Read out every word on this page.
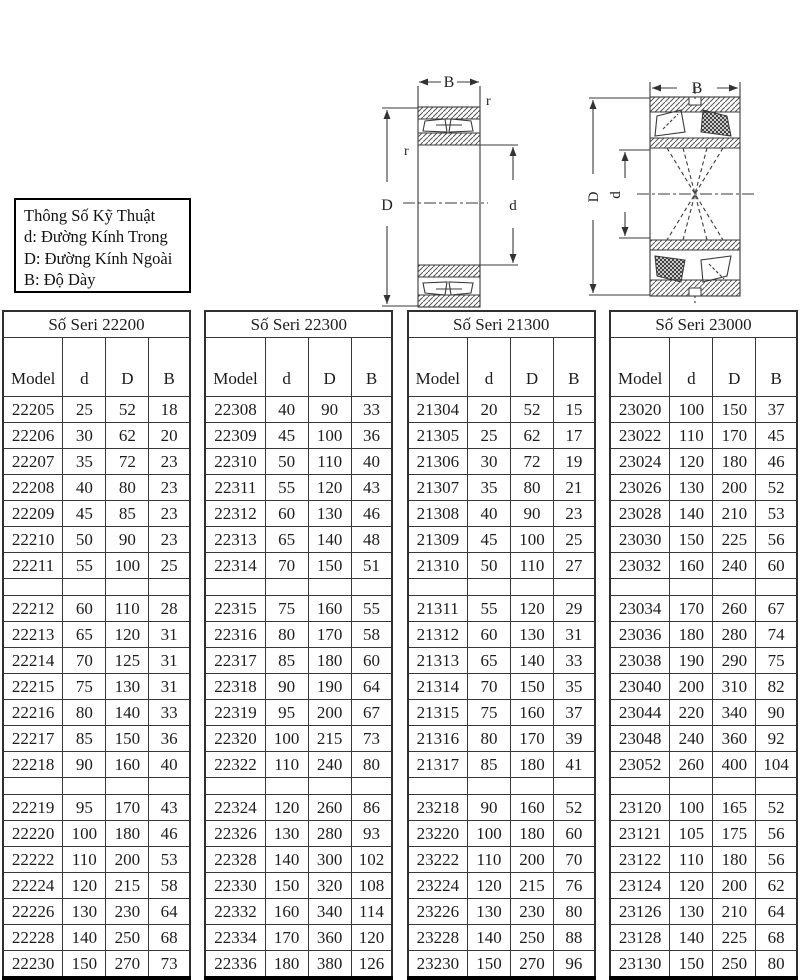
Thông Số Kỹ Thuật
d: Đường Kính Trong
D: Đường Kính Ngoài
B: Độ Dày
B
D	d
r
r
B
D d
Số Seri 22200			
Model	d	D	B
22205	25	52	18
22206	30	62	20
22207	35	72	23
22208	40	80	23
22209	45	85	23
22210	50	90	23
22211	55	100	25

22212	60	110	28
22213	65	120	31
22214	70	125	31
22215	75	130	31
22216	80	140	33
22217	85	150	36
22218	90	160	40

22219	95	170	43
22220	100	180	46
22222	110	200	53
22224	120	215	58
22226	130	230	64
22228	140	250	68
22230	150	270	73
Số Seri 22300			
Model	d	D	B
22308	40	90	33
22309	45	100	36
22310	50	110	40
22311	55	120	43
22312	60	130	46
22313	65	140	48
22314	70	150	51

22315	75	160	55
22316	80	170	58
22317	85	180	60
22318	90	190	64
22319	95	200	67
22320	100	215	73
22322	110	240	80

22324	120	260	86
22326	130	280	93
22328	140	300	102
22330	150	320	108
22332	160	340	114
22334	170	360	120
22336	180	380	126
Số Seri 21300			
Model	d	D	B
21304	20	52	15
21305	25	62	17
21306	30	72	19
21307	35	80	21
21308	40	90	23
21309	45	100	25
21310	50	110	27

21311	55	120	29
21312	60	130	31
21313	65	140	33
21314	70	150	35
21315	75	160	37
21316	80	170	39
21317	85	180	41

23218	90	160	52
23220	100	180	60
23222	110	200	70
23224	120	215	76
23226	130	230	80
23228	140	250	88
23230	150	270	96
Số Seri 23000			
Model	d	D	B
23020	100	150	37
23022	110	170	45
23024	120	180	46
23026	130	200	52
23028	140	210	53
23030	150	225	56
23032	160	240	60

23034	170	260	67
23036	180	280	74
23038	190	290	75
23040	200	310	82
23044	220	340	90
23048	240	360	92
23052	260	400	104

23120	100	165	52
23121	105	175	56
23122	110	180	56
23124	120	200	62
23126	130	210	64
23128	140	225	68
23130	150	250	80
